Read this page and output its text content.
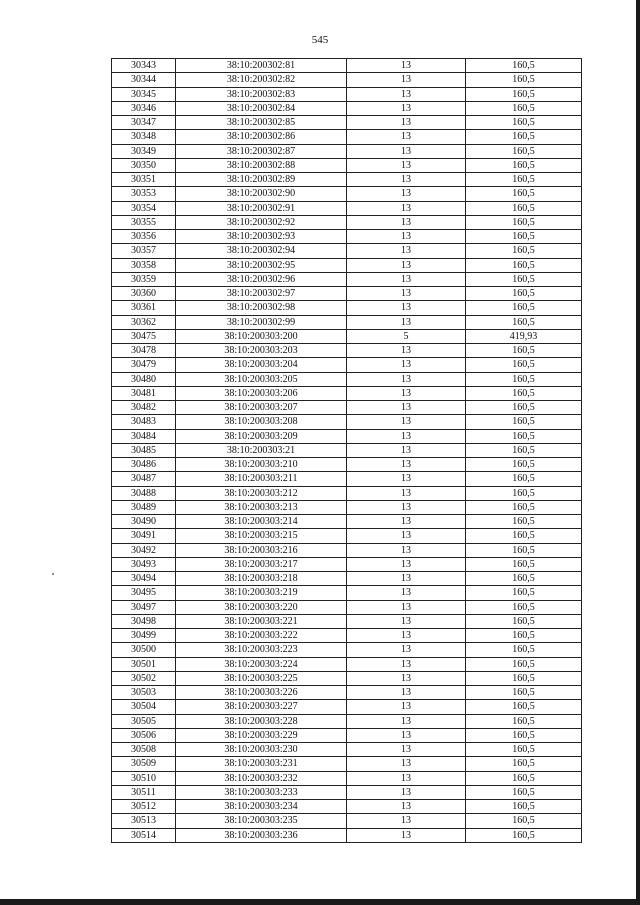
545
30343	38:10:200302:81	13	160,5
30344	38:10:200302:82	13	160,5
30345	38:10:200302:83	13	160,5
30346	38:10:200302:84	13	160,5
30347	38:10:200302:85	13	160,5
30348	38:10:200302:86	13	160,5
30349	38:10:200302:87	13	160,5
30350	38:10:200302:88	13	160,5
30351	38:10:200302:89	13	160,5
30353	38:10:200302:90	13	160,5
30354	38:10:200302:91	13	160,5
30355	38:10:200302:92	13	160,5
30356	38:10:200302:93	13	160,5
30357	38:10:200302:94	13	160,5
30358	38:10:200302:95	13	160,5
30359	38:10:200302:96	13	160,5
30360	38:10:200302:97	13	160,5
30361	38:10:200302:98	13	160,5
30362	38:10:200302:99	13	160,5
30475	38:10:200303:200	5	419,93
30478	38:10:200303:203	13	160,5
30479	38:10:200303:204	13	160,5
30480	38:10:200303:205	13	160,5
30481	38:10:200303:206	13	160,5
30482	38:10:200303:207	13	160,5
30483	38:10:200303:208	13	160,5
30484	38:10:200303:209	13	160,5
30485	38:10:200303:21	13	160,5
30486	38:10:200303:210	13	160,5
30487	38:10:200303:211	13	160,5
30488	38:10:200303:212	13	160,5
30489	38:10:200303:213	13	160,5
30490	38:10:200303:214	13	160,5
30491	38:10:200303:215	13	160,5
30492	38:10:200303:216	13	160,5
30493	38:10:200303:217	13	160,5
30494	38:10:200303:218	13	160,5
30495	38:10:200303:219	13	160,5
30497	38:10:200303:220	13	160,5
30498	38:10:200303:221	13	160,5
30499	38:10:200303:222	13	160,5
30500	38:10:200303:223	13	160,5
30501	38:10:200303:224	13	160,5
30502	38:10:200303:225	13	160,5
30503	38:10:200303:226	13	160,5
30504	38:10:200303:227	13	160,5
30505	38:10:200303:228	13	160,5
30506	38:10:200303:229	13	160,5
30508	38:10:200303:230	13	160,5
30509	38:10:200303:231	13	160,5
30510	38:10:200303:232	13	160,5
30511	38:10:200303:233	13	160,5
30512	38:10:200303:234	13	160,5
30513	38:10:200303:235	13	160,5
30514	38:10:200303:236	13	160,5
